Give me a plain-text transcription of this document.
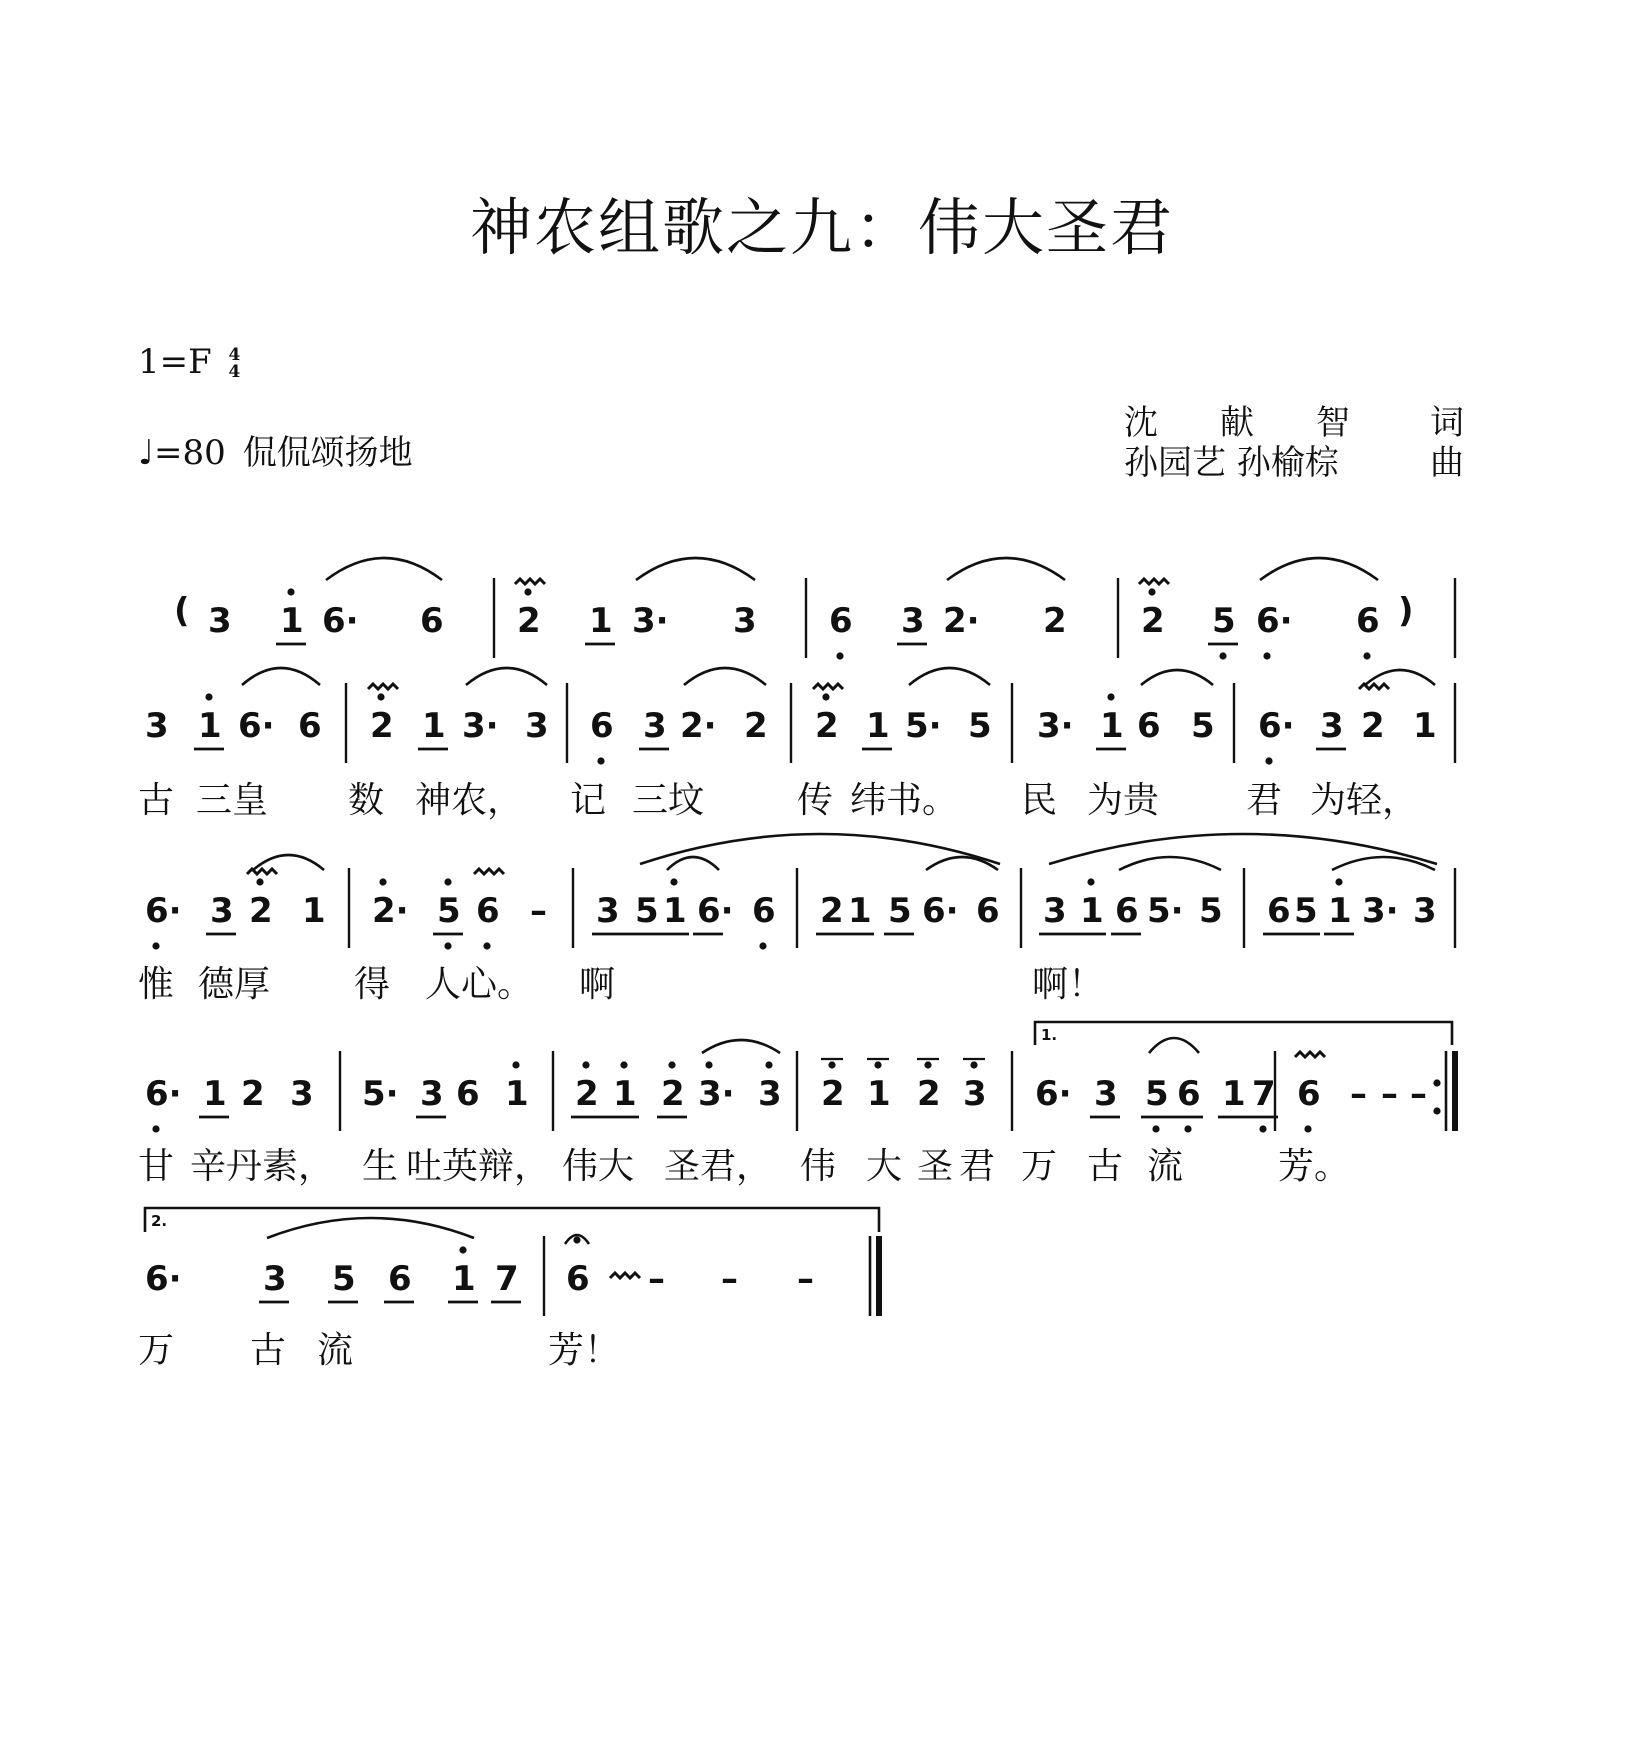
神农组歌之九：伟大圣君
1=F 4
4
♩=80 侃侃颂扬地
沈献智 词
孙园艺 孙榆棕	曲
( 3 1 6· 6 2 1 3· 3 6 3 2· 2 2 5 6· 6 )
3 1 6· 6 2 1 3· 3 6 3 2· 2 2 1 5· 5 3· 1 6 5 6· 3 2 1
古 三皇 数 神农， 记 三坟	传 纬书。 民 为贵 君 为轻，
6· 3 2 1 2· 5 6 – 3 5 1 6· 6 2 1 5 6· 6 3 1 6 5· 5 6 5 1 3· 3
惟 德厚 得 人心。 啊	啊！
6· 1 2 3 5· 3 6 1 2 1 2 3· 3 2 1 2 3 6· 3 5 6 1 7 6 – – –
甘 辛丹素， 生 吐英辩， 伟大 圣君， 伟 大 圣 君 万 古 流	芳。
6· 3 5 6 1 7 6 – – –
万 古 流	芳！
1.
2.
